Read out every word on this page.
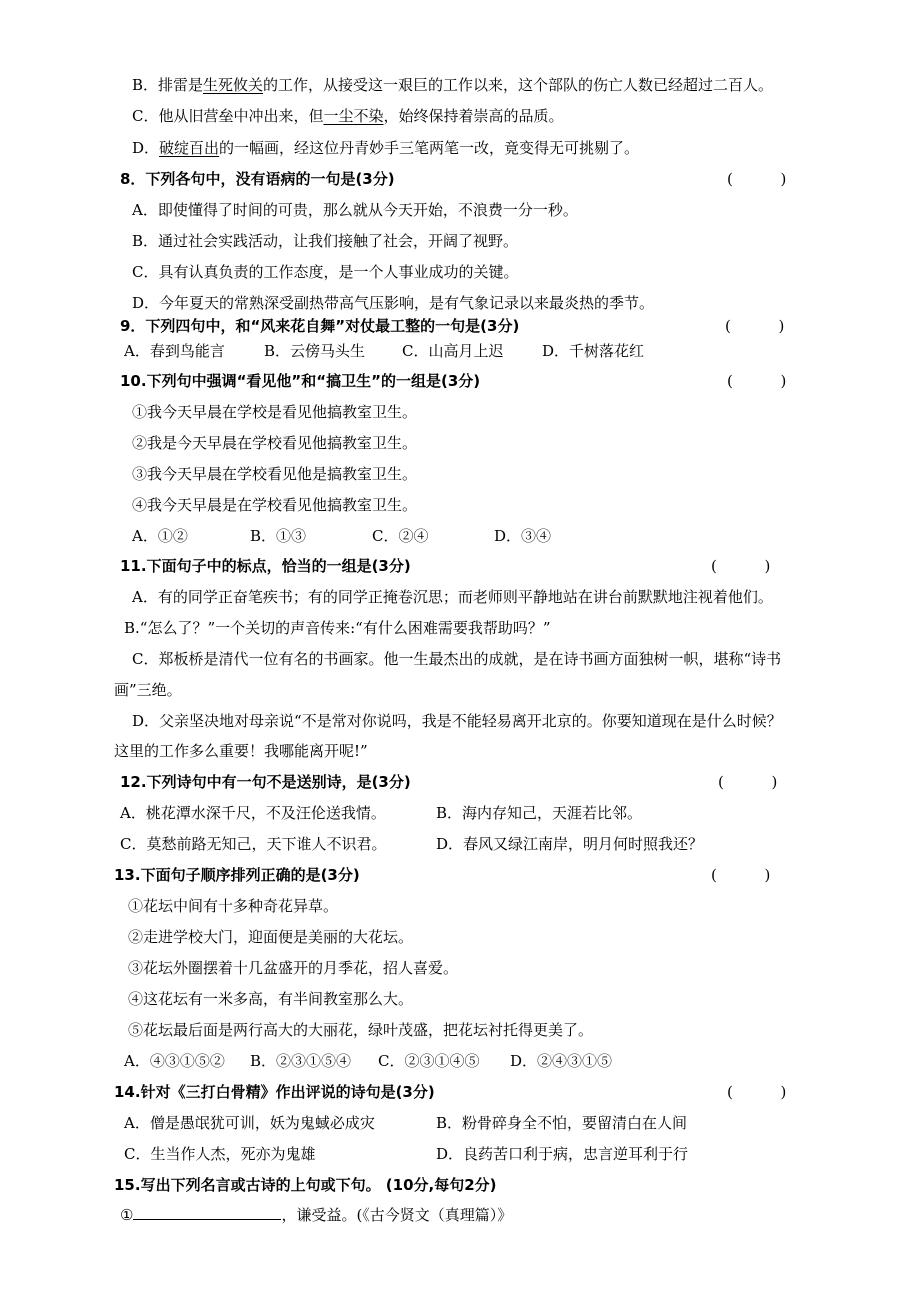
B．排雷是生死攸关的工作，从接受这一艰巨的工作以来，这个部队的伤亡人数已经超过二百人。
C．他从旧营垒中冲出来，但一尘不染，始终保持着崇高的品质。
D．破绽百出的一幅画，经这位丹青妙手三笔两笔一改，竟变得无可挑剔了。
8．下列各句中，没有语病的一句是(3分)	(          )
A．即使懂得了时间的可贵，那么就从今天开始，不浪费一分一秒。
B．通过社会实践活动，让我们接触了社会，开阔了视野。
C．具有认真负责的工作态度，是一个人事业成功的关键。
D．今年夏天的常熟深受副热带高气压影响，是有气象记录以来最炎热的季节。
9．下列四句中，和“风来花自舞”对仗最工整的一句是(3分)	(          )
A．春到鸟能言	B．云傍马头生 C．山高月上迟	D．千树落花红
10.下列句中强调“看见他”和“搞卫生”的一组是(3分)	(          )
①我今天早晨在学校是看见他搞教室卫生。
②我是今天早晨在学校看见他搞教室卫生。
③我今天早晨在学校看见他是搞教室卫生。
④我今天早晨是在学校看见他搞教室卫生。
A．①②	B．①③	C．②④	D．③④
11.下面句子中的标点，恰当的一组是(3分)	(          )
A．有的同学正奋笔疾书；有的同学正掩卷沉思；而老师则平静地站在讲台前默默地注视着他们。
B.“怎么了？”一个关切的声音传来:“有什么困难需要我帮助吗？”
C．郑板桥是清代一位有名的书画家。他一生最杰出的成就，是在诗书画方面独树一帜，堪称“诗书
画”三绝。
D．父亲坚决地对母亲说“不是常对你说吗，我是不能轻易离开北京的。你要知道现在是什么时候？
这里的工作多么重要！我哪能离开呢!”
12.下列诗句中有一句不是送别诗，是(3分)	(          )
A．桃花潭水深千尺，不及汪伦送我情。	B．海内存知己，天涯若比邻。
C．莫愁前路无知己，天下谁人不识君。	D．春风又绿江南岸，明月何时照我还？
13.下面句子顺序排列正确的是(3分)	(          )
①花坛中间有十多种奇花异草。
②走进学校大门，迎面便是美丽的大花坛。
③花坛外圈摆着十几盆盛开的月季花，招人喜爱。
④这花坛有一米多高，有半间教室那么大。
⑤花坛最后面是两行高大的大丽花，绿叶茂盛，把花坛衬托得更美了。
A．④③①⑤② B．②③①⑤④ C．②③①④⑤ D．②④③①⑤
14.针对《三打白骨精》作出评说的诗句是(3分)	(          )
A．僧是愚氓犹可训，妖为鬼蜮必成灾	B．粉骨碎身全不怕，要留清白在人间
C．生当作人杰，死亦为鬼雄	D．良药苦口利于病，忠言逆耳利于行
15.写出下列名言或古诗的上句或下句。 (10分,每句2分)
①	，谦受益。(《古今贤文（真理篇）》
